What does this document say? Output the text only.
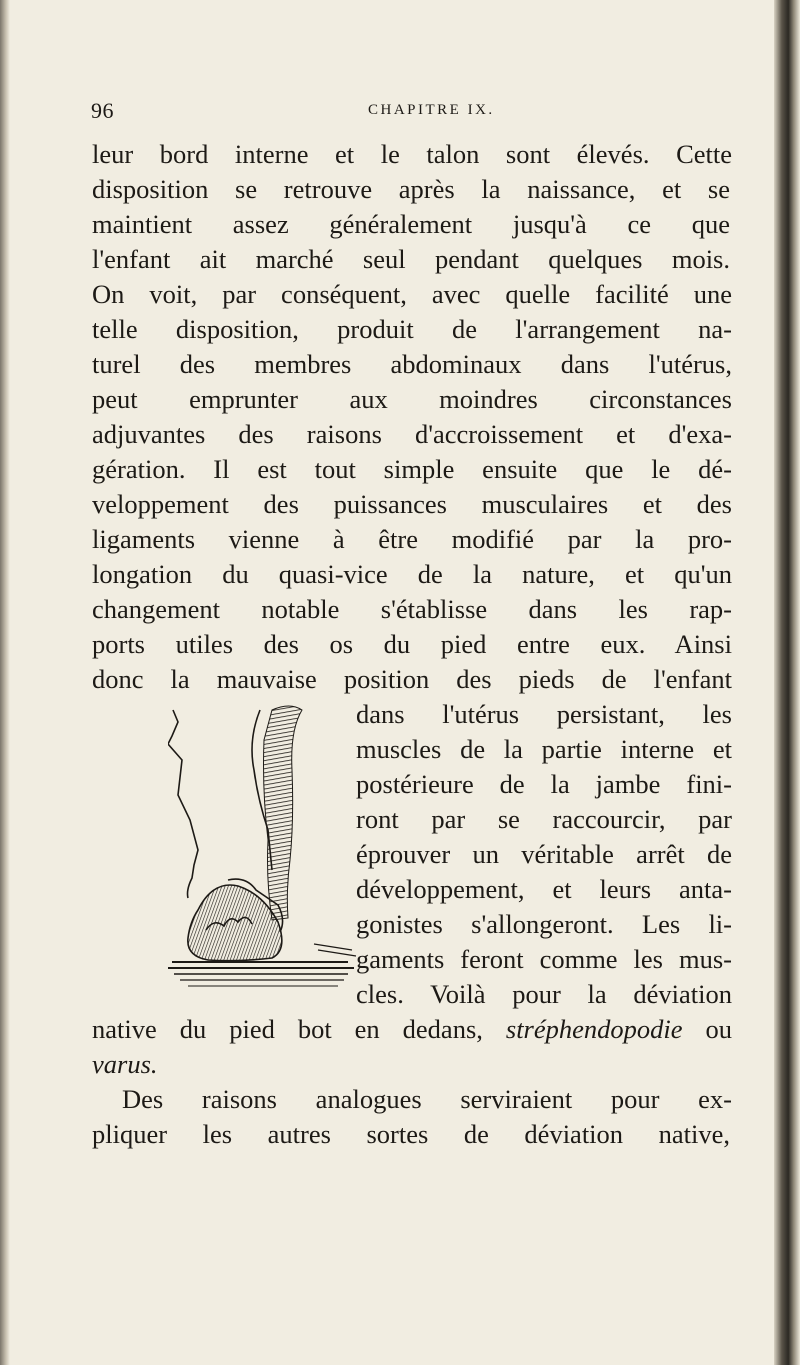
96	CHAPITRE IX.
leur bord interne et le talon sont élevés. Cette
disposition se retrouve après la naissance, et se
maintient assez généralement jusqu'à ce que
l'enfant ait marché seul pendant quelques mois.
On voit, par conséquent, avec quelle facilité une
telle disposition, produit de l'arrangement na-
turel des membres abdominaux dans l'utérus,
peut emprunter aux moindres circonstances
adjuvantes des raisons d'accroissement et d'exa-
gération. Il est tout simple ensuite que le dé-
veloppement des puissances musculaires et des
ligaments vienne à être modifié par la pro-
longation du quasi-vice de la nature, et qu'un
changement notable s'établisse dans les rap-
ports utiles des os du pied entre eux. Ainsi
donc la mauvaise position des pieds de l'enfant
dans l'utérus persistant, les
muscles de la partie interne et
postérieure de la jambe fini-
ront par se raccourcir, par
éprouver un véritable arrêt de
développement, et leurs anta-
gonistes s'allongeront. Les li-
gaments feront comme les mus-
cles. Voilà pour la déviation
native du pied bot en dedans, stréphendopodie ou
varus.
Des raisons analogues serviraient pour ex-
pliquer les autres sortes de déviation native,
